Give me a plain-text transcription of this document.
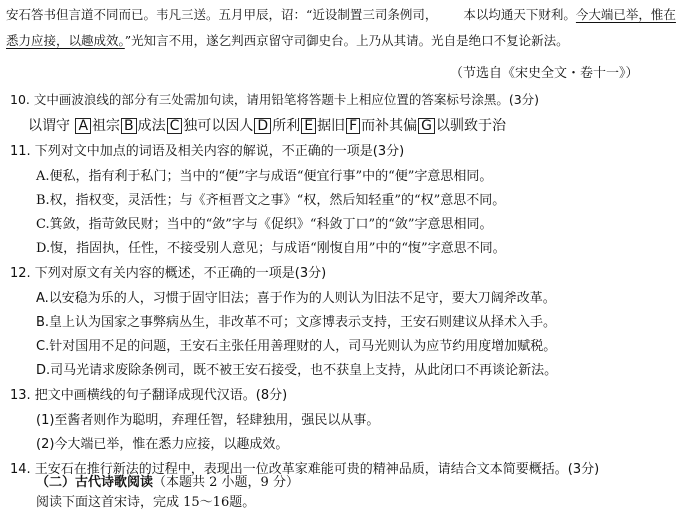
安石答书但言道不同而已。韦凡三送。五月甲辰，诏：“近设制置三司条例司， 本以均通天下财利。今大端已举，惟在
悉力应接，以趣成效。”光知言不用，遂乞判西京留守司御史台。上乃从其请。光自是绝口不复论新法。
（节选自《宋史全文・卷十一》）
10. 文中画波浪线的部分有三处需加句读，请用铅笔将答题卡上相应位置的答案标号涂黑。(3分)
以谓守 A 祖宗 B 成法 C 独可以因人 D 所利 E 据旧 F 而补其偏 G 以驯致于治
11. 下列对文中加点的词语及相关内容的解说，不正确的一项是(3分)
A.便私，指有利于私门；当中的“便”字与成语“便宜行事”中的“便”字意思相同。
B.权，指权变，灵活性；与《齐桓晋文之事》“权，然后知轻重”的“权”意思不同。
C.箕敛，指苛敛民财；当中的“敛”字与《促织》“科敛丁口”的“敛”字意思相同。
D.愎，指固执，任性，不接受别人意见；与成语“刚愎自用”中的“愎”字意思不同。
12. 下列对原文有关内容的概述，不正确的一项是(3分)
A.以安稳为乐的人，习惯于固守旧法；喜于作为的人则认为旧法不足守，要大刀阔斧改革。
B.皇上认为国家之事弊病丛生，非改革不可；文彦博表示支持，王安石则建议从择术入手。
C.针对国用不足的问题，王安石主张任用善理财的人，司马光则认为应节约用度增加赋税。
D.司马光请求废除条例司，既不被王安石接受，也不获皇上支持，从此闭口不再谈论新法。
13. 把文中画横线的句子翻译成现代汉语。(8分)
(1)至酱者则作为聪明，弃理任智，轻肆独用，强民以从事。
(2)今大端已举，惟在悉力应接，以趣成效。
14. 王安石在推行新法的过程中，表现出一位改革家难能可贵的精神品质，请结合文本简要概括。(3分)
（二）古代诗歌阅读（本题共 2 小题，9 分）
阅读下面这首宋诗，完成 15～16题。
